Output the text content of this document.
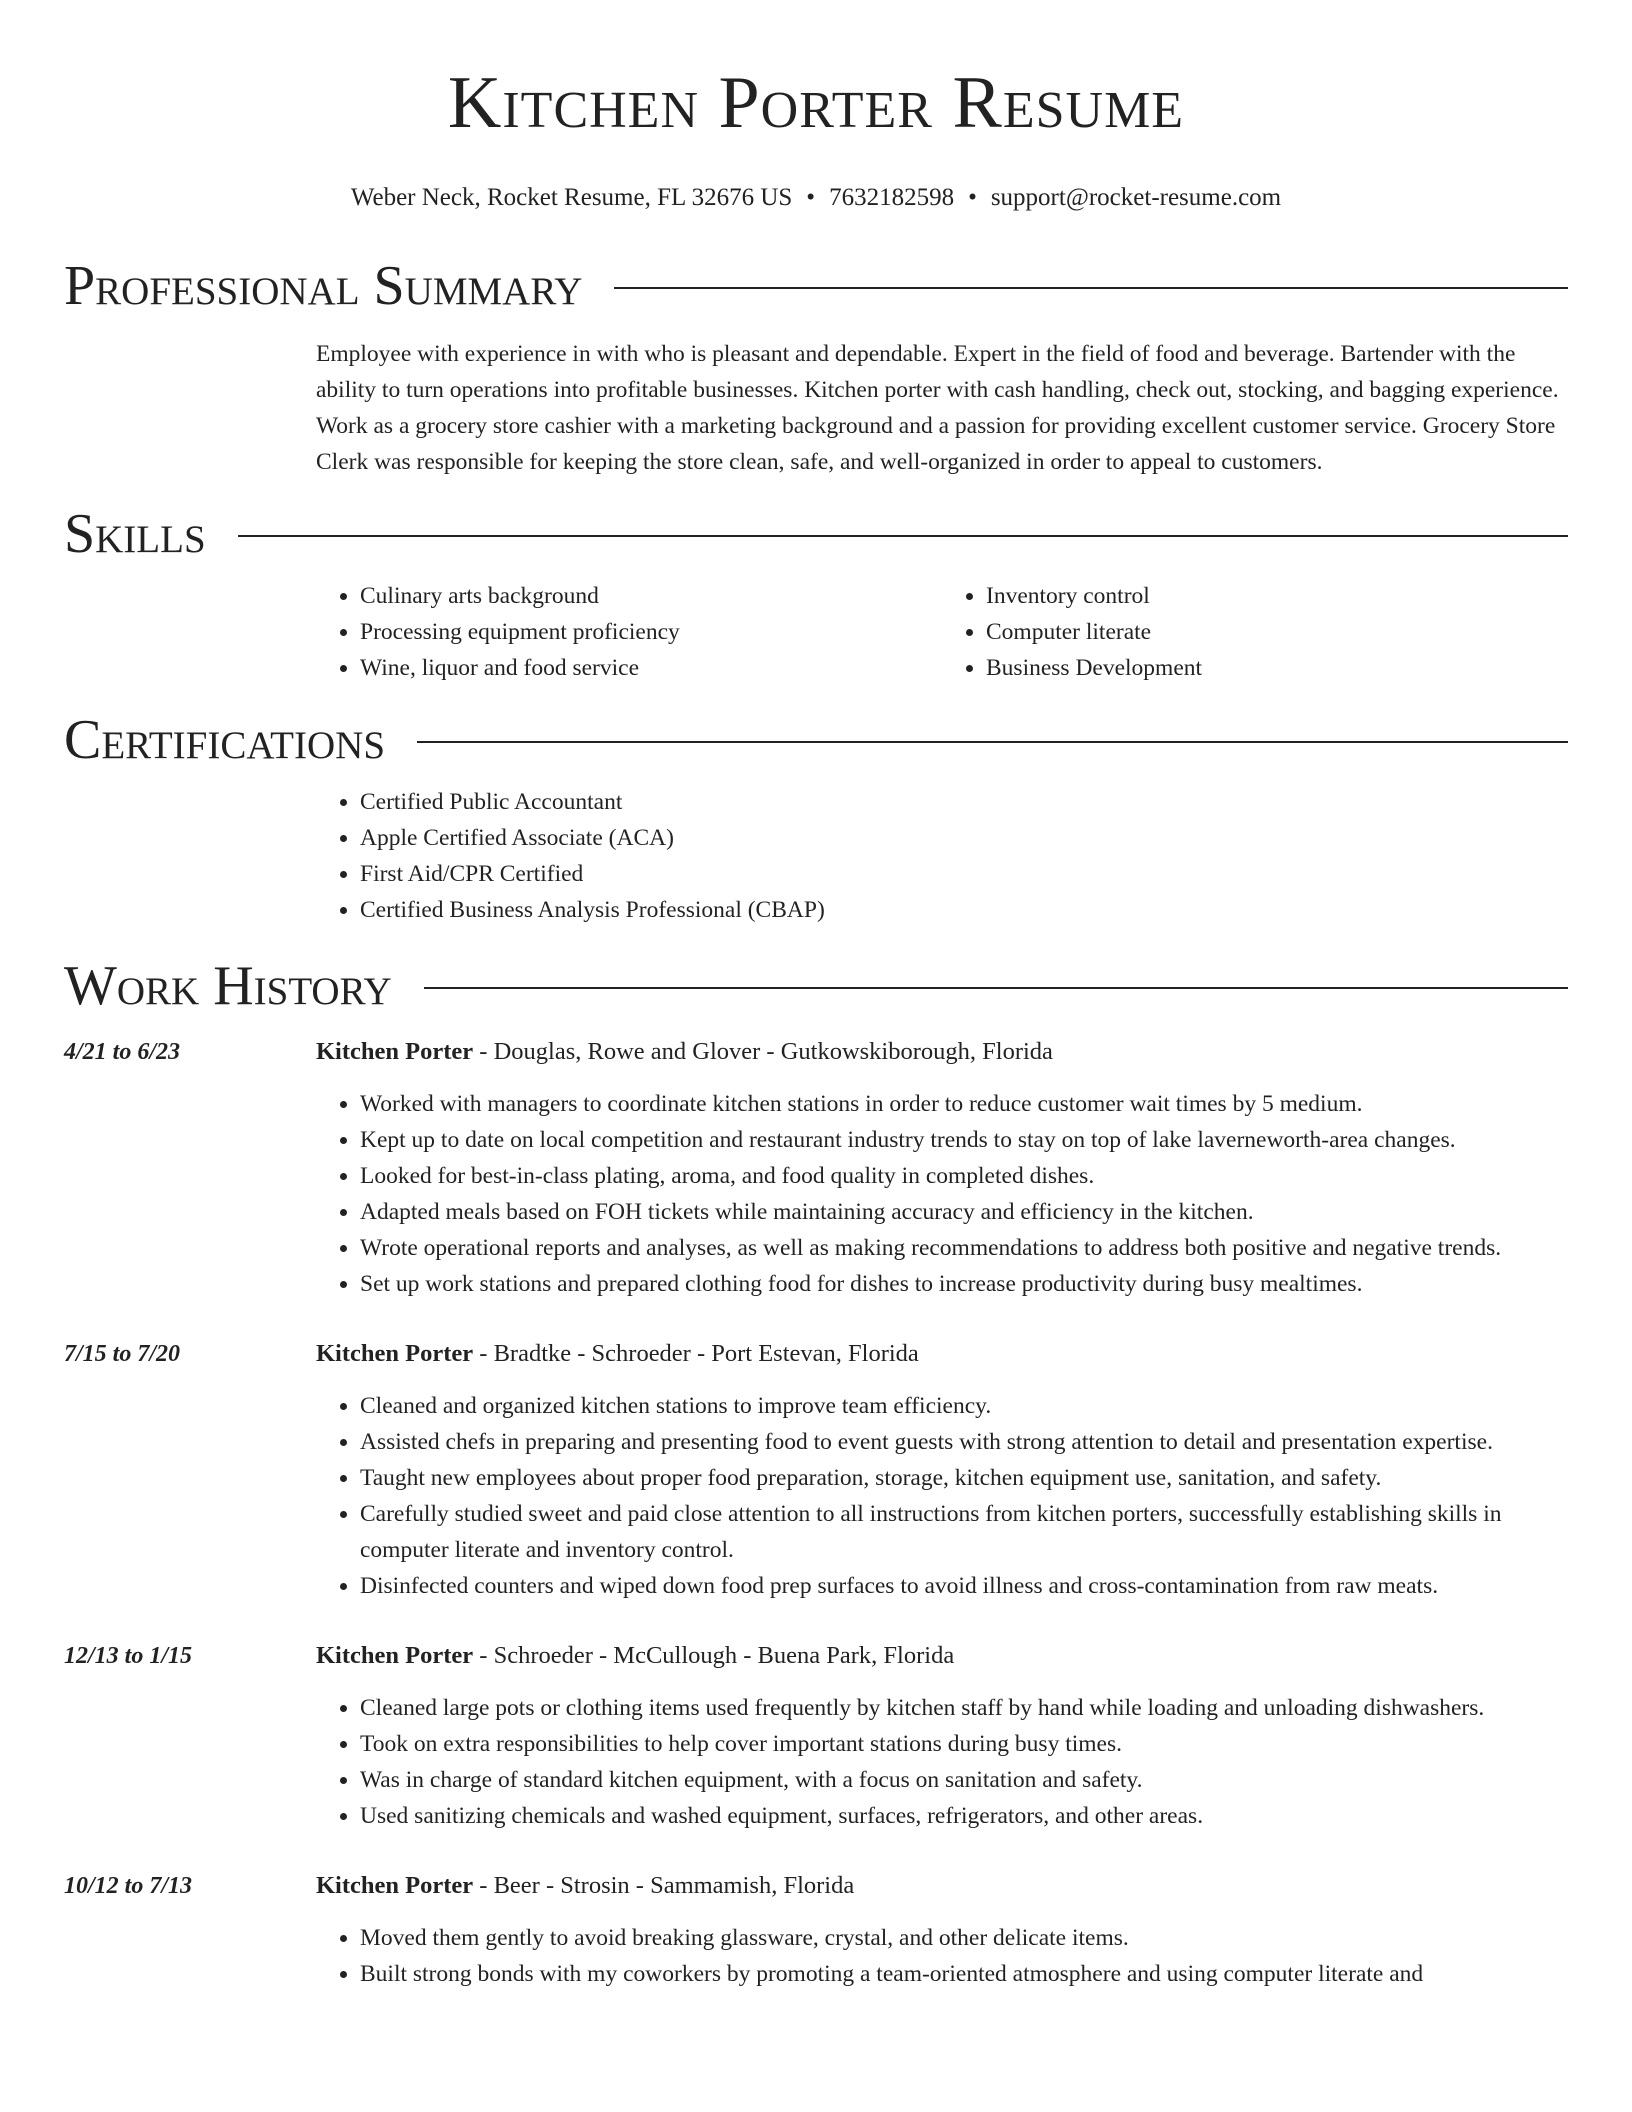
Kitchen Porter Resume
Weber Neck, Rocket Resume, FL 32676 US • 7632182598 • support@rocket-resume.com
Professional Summary
Employee with experience in with who is pleasant and dependable. Expert in the field of food and beverage. Bartender with the ability to turn operations into profitable businesses. Kitchen porter with cash handling, check out, stocking, and bagging experience. Work as a grocery store cashier with a marketing background and a passion for providing excellent customer service. Grocery Store Clerk was responsible for keeping the store clean, safe, and well-organized in order to appeal to customers.
Skills
• Culinary arts background
• Processing equipment proficiency
• Wine, liquor and food service
• Inventory control
• Computer literate
• Business Development
Certifications
• Certified Public Accountant
• Apple Certified Associate (ACA)
• First Aid/CPR Certified
• Certified Business Analysis Professional (CBAP)
Work History
4/21 to 6/23	Kitchen Porter - Douglas, Rowe and Glover - Gutkowskiborough, Florida
• Worked with managers to coordinate kitchen stations in order to reduce customer wait times by 5 medium.
• Kept up to date on local competition and restaurant industry trends to stay on top of lake laverneworth-area changes.
• Looked for best-in-class plating, aroma, and food quality in completed dishes.
• Adapted meals based on FOH tickets while maintaining accuracy and efficiency in the kitchen.
• Wrote operational reports and analyses, as well as making recommendations to address both positive and negative trends.
• Set up work stations and prepared clothing food for dishes to increase productivity during busy mealtimes.
7/15 to 7/20	Kitchen Porter - Bradtke - Schroeder - Port Estevan, Florida
• Cleaned and organized kitchen stations to improve team efficiency.
• Assisted chefs in preparing and presenting food to event guests with strong attention to detail and presentation expertise.
• Taught new employees about proper food preparation, storage, kitchen equipment use, sanitation, and safety.
• Carefully studied sweet and paid close attention to all instructions from kitchen porters, successfully establishing skills in computer literate and inventory control.
• Disinfected counters and wiped down food prep surfaces to avoid illness and cross-contamination from raw meats.
12/13 to 1/15	Kitchen Porter - Schroeder - McCullough - Buena Park, Florida
• Cleaned large pots or clothing items used frequently by kitchen staff by hand while loading and unloading dishwashers.
• Took on extra responsibilities to help cover important stations during busy times.
• Was in charge of standard kitchen equipment, with a focus on sanitation and safety.
• Used sanitizing chemicals and washed equipment, surfaces, refrigerators, and other areas.
10/12 to 7/13	Kitchen Porter - Beer - Strosin - Sammamish, Florida
• Moved them gently to avoid breaking glassware, crystal, and other delicate items.
• Built strong bonds with my coworkers by promoting a team-oriented atmosphere and using computer literate and
